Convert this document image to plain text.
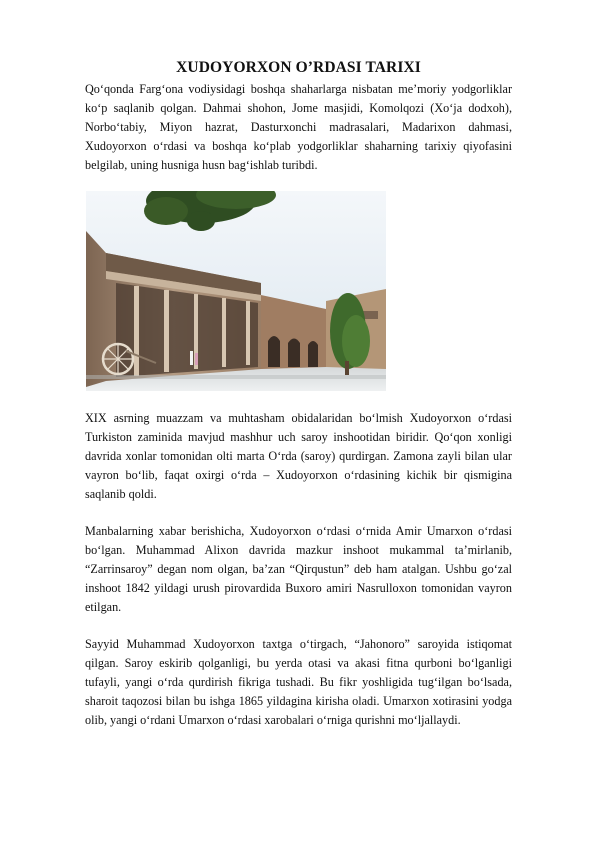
XUDOYORXON O’RDASI TARIXI

Qo‘qonda Farg‘ona vodiysidagi boshqa shaharlarga nisbatan me’moriy yodgorliklar ko‘p saqlanib qolgan. Dahmai shohon, Jome masjidi, Komolqozi (Xo‘ja dodxoh), Norbo‘tabiy, Miyon hazrat, Dasturxonchi madrasalari, Madarixon dahmasi, Xudoyorxon o‘rdasi va boshqa ko‘plab yodgorliklar shaharning tarixiy qiyofasini belgilab, uning husniga husn bag‘ishlab turibdi.

XIX asrning muazzam va muhtasham obidalaridan bo‘lmish Xudoyorxon o‘rdasi Turkiston zaminida mavjud mashhur uch saroy inshootidan biridir. Qo‘qon xonligi davrida xonlar tomonidan olti marta O‘rda (saroy) qurdirgan. Zamona zayli bilan ular vayron bo‘lib, faqat oxirgi o‘rda – Xudoyorxon o‘rdasining kichik bir qismigina saqlanib qoldi.

Manbalarning xabar berishicha, Xudoyorxon o‘rdasi o‘rnida Amir Umarxon o‘rdasi bo‘lgan. Muhammad Alixon davrida mazkur inshoot mukammal ta’mirlanib, “Zarrinsaroy” degan nom olgan, ba’zan “Qirqustun” deb ham atalgan. Ushbu go‘zal inshoot 1842 yildagi urush pirovardida Buxoro amiri Nasrulloxon tomonidan vayron etilgan.

Sayyid Muhammad Xudoyorxon taxtga o‘tirgach, “Jahonoro” saroyida istiqomat qilgan. Saroy eskirib qolganligi, bu yerda otasi va akasi fitna qurboni bo‘lganligi tufayli, yangi o‘rda qurdirish fikriga tushadi. Bu fikr yoshligida tug‘ilgan bo‘lsada, sharoit taqozosi bilan bu ishga 1865 yildagina kirisha oladi. Umarxon xotirasini yodga olib, yangi o‘rdani Umarxon o‘rdasi xarobalari o‘rniga qurishni mo‘ljallaydi.
